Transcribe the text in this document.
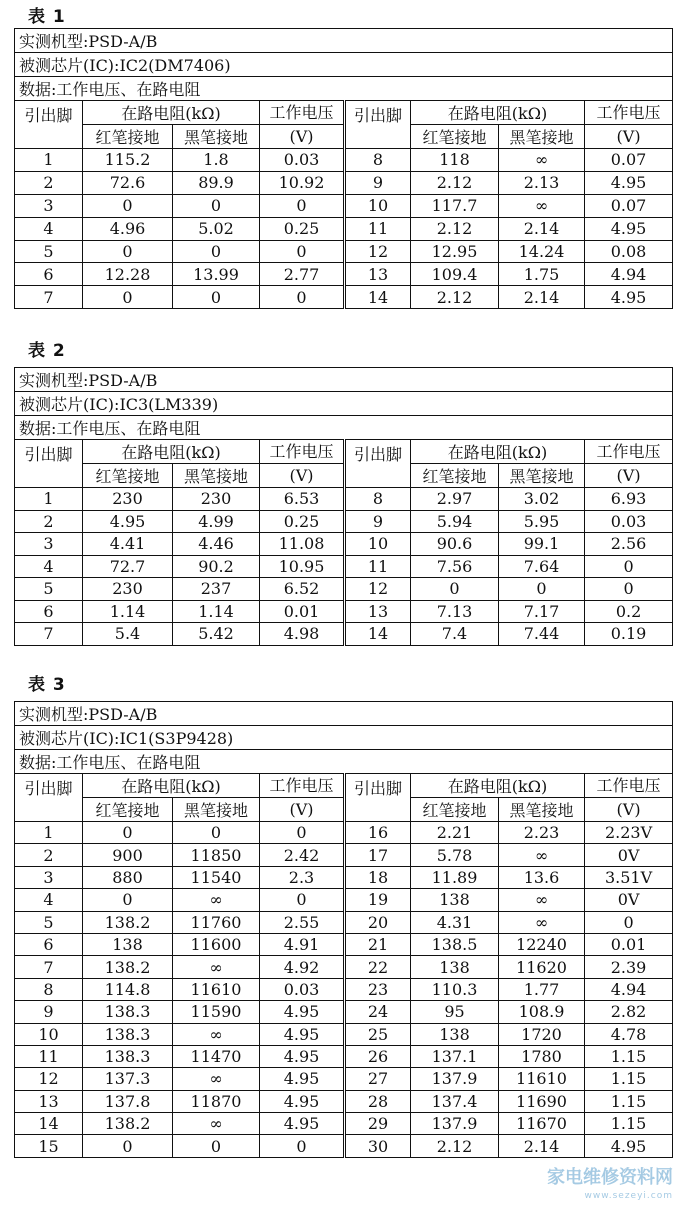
表 1
实测机型:PSD-A/B							
被测芯片(IC):IC2(DM7406)							
数据:工作电压、在路电阻							
引出脚	在路电阻(kΩ)		工作电压	引出脚	在路电阻(kΩ)		工作电压
	红笔接地	黑笔接地	(V)		红笔接地	黑笔接地	(V)
1	115.2	1.8	0.03	8	118	∞	0.07
2	72.6	89.9	10.92	9	2.12	2.13	4.95
3	0	0	0	10	117.7	∞	0.07
4	4.96	5.02	0.25	11	2.12	2.14	4.95
5	0	0	0	12	12.95	14.24	0.08
6	12.28	13.99	2.77	13	109.4	1.75	4.94
7	0	0	0	14	2.12	2.14	4.95
表 2
实测机型:PSD-A/B							
被测芯片(IC):IC3(LM339)							
数据:工作电压、在路电阻							
引出脚	在路电阻(kΩ)		工作电压	引出脚	在路电阻(kΩ)		工作电压
	红笔接地	黑笔接地	(V)		红笔接地	黑笔接地	(V)
1	230	230	6.53	8	2.97	3.02	6.93
2	4.95	4.99	0.25	9	5.94	5.95	0.03
3	4.41	4.46	11.08	10	90.6	99.1	2.56
4	72.7	90.2	10.95	11	7.56	7.64	0
5	230	237	6.52	12	0	0	0
6	1.14	1.14	0.01	13	7.13	7.17	0.2
7	5.4	5.42	4.98	14	7.4	7.44	0.19
表 3
实测机型:PSD-A/B							
被测芯片(IC):IC1(S3P9428)							
数据:工作电压、在路电阻							
引出脚	在路电阻(kΩ)		工作电压	引出脚	在路电阻(kΩ)		工作电压
	红笔接地	黑笔接地	(V)		红笔接地	黑笔接地	(V)
1	0	0	0	16	2.21	2.23	2.23V
2	900	11850	2.42	17	5.78	∞	0V
3	880	11540	2.3	18	11.89	13.6	3.51V
4	0	∞	0	19	138	∞	0V
5	138.2	11760	2.55	20	4.31	∞	0
6	138	11600	4.91	21	138.5	12240	0.01
7	138.2	∞	4.92	22	138	11620	2.39
8	114.8	11610	0.03	23	110.3	1.77	4.94
9	138.3	11590	4.95	24	95	108.9	2.82
10	138.3	∞	4.95	25	138	1720	4.78
11	138.3	11470	4.95	26	137.1	1780	1.15
12	137.3	∞	4.95	27	137.9	11610	1.15
13	137.8	11870	4.95	28	137.4	11690	1.15
14	138.2	∞	4.95	29	137.9	11670	1.15
15	0	0	0	30	2.12	2.14	4.95
家电维修资料网
www.sezeyi.com
